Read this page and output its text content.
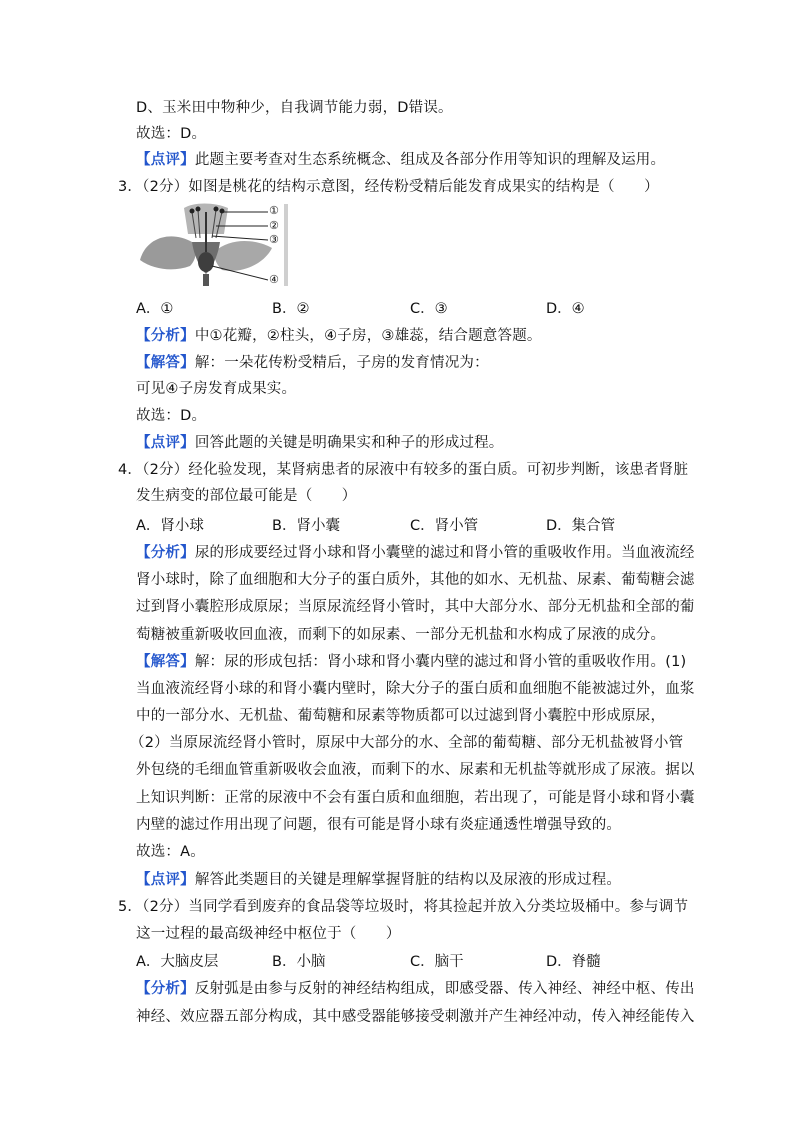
D、玉米田中物种少，自我调节能力弱，D错误。
故选：D。
【点评】此题主要考查对生态系统概念、组成及各部分作用等知识的理解及运用。
3．（2分）如图是桃花的结构示意图，经传粉受精后能发育成果实的结构是（　　）
①
②
③
④
A．①	B．②	C．③	D．④
【分析】中①花瓣，②柱头，④子房，③雄蕊，结合题意答题。
【解答】解：一朵花传粉受精后，子房的发育情况为：
可见④子房发育成果实。
故选：D。
【点评】回答此题的关键是明确果实和种子的形成过程。
4．（2分）经化验发现，某肾病患者的尿液中有较多的蛋白质。可初步判断，该患者肾脏
发生病变的部位最可能是（　　）
A．肾小球	B．肾小囊	C．肾小管	D．集合管
【分析】尿的形成要经过肾小球和肾小囊壁的滤过和肾小管的重吸收作用。当血液流经
肾小球时，除了血细胞和大分子的蛋白质外，其他的如水、无机盐、尿素、葡萄糖会滤
过到肾小囊腔形成原尿；当原尿流经肾小管时，其中大部分水、部分无机盐和全部的葡
萄糖被重新吸收回血液，而剩下的如尿素、一部分无机盐和水构成了尿液的成分。
【解答】解：尿的形成包括：肾小球和肾小囊内壁的滤过和肾小管的重吸收作用。(1)
当血液流经肾小球的和肾小囊内壁时，除大分子的蛋白质和血细胞不能被滤过外，血浆
中的一部分水、无机盐、葡萄糖和尿素等物质都可以过滤到肾小囊腔中形成原尿，
（2）当原尿流经肾小管时，原尿中大部分的水、全部的葡萄糖、部分无机盐被肾小管
外包绕的毛细血管重新吸收会血液，而剩下的水、尿素和无机盐等就形成了尿液。据以
上知识判断：正常的尿液中不会有蛋白质和血细胞，若出现了，可能是肾小球和肾小囊
内壁的滤过作用出现了问题，很有可能是肾小球有炎症通透性增强导致的。
故选：A。
【点评】解答此类题目的关键是理解掌握肾脏的结构以及尿液的形成过程。
5．（2分）当同学看到废弃的食品袋等垃圾时，将其捡起并放入分类垃圾桶中。参与调节
这一过程的最高级神经中枢位于（　　）
A．大脑皮层	B．小脑	C．脑干	D．脊髓
【分析】反射弧是由参与反射的神经结构组成，即感受器、传入神经、神经中枢、传出
神经、效应器五部分构成，其中感受器能够接受刺激并产生神经冲动，传入神经能传入
